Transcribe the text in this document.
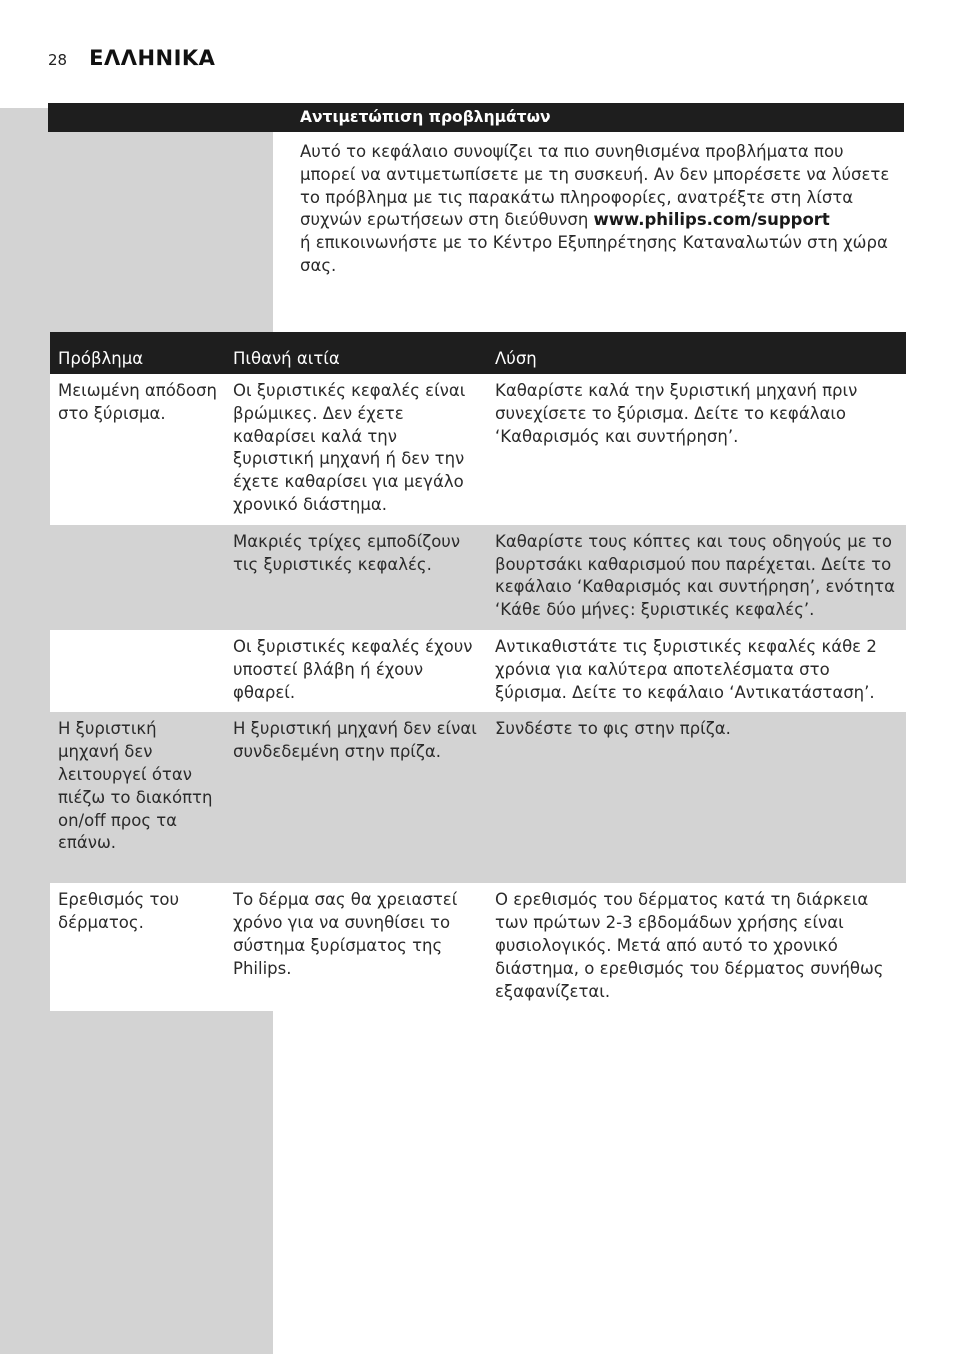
28 ΕΛΛΗΝΙΚΑ
Αντιμετώπιση προβλημάτων
Αυτό το κεφάλαιο συνοψίζει τα πιο συνηθισμένα προβλήματα που μπορεί να αντιμετωπίσετε με τη συσκευή. Αν δεν μπορέσετε να λύσετε το πρόβλημα με τις παρακάτω πληροφορίες, ανατρέξτε στη λίστα συχνών ερωτήσεων στη διεύθυνση www.philips.com/support
ή επικοινωνήστε με το Κέντρο Εξυπηρέτησης Καταναλωτών στη χώρα σας.
Πρόβλημα	Πιθανή αιτία	Λύση
Μειωμένη απόδοση στο ξύρισμα.	Οι ξυριστικές κεφαλές είναι βρώμικες. Δεν έχετε καθαρίσει καλά την ξυριστική μηχανή ή δεν την έχετε καθαρίσει για μεγάλο χρονικό διάστημα.	Καθαρίστε καλά την ξυριστική μηχανή πριν συνεχίσετε το ξύρισμα. Δείτε το κεφάλαιο ‘Καθαρισμός και συντήρηση’.
	Μακριές τρίχες εμποδίζουν τις ξυριστικές κεφαλές.	Καθαρίστε τους κόπτες και τους οδηγούς με το βουρτσάκι καθαρισμού που παρέχεται. Δείτε το κεφάλαιο ‘Καθαρισμός και συντήρηση’, ενότητα ‘Κάθε δύο μήνες: ξυριστικές κεφαλές’.
	Οι ξυριστικές κεφαλές έχουν υποστεί βλάβη ή έχουν φθαρεί.	Αντικαθιστάτε τις ξυριστικές κεφαλές κάθε 2 χρόνια για καλύτερα αποτελέσματα στο ξύρισμα. Δείτε το κεφάλαιο ‘Αντικατάσταση’.
Η ξυριστική μηχανή δεν λειτουργεί όταν πιέζω το διακόπτη on/off προς τα επάνω.	Η ξυριστική μηχανή δεν είναι συνδεδεμένη στην πρίζα.	Συνδέστε το φις στην πρίζα.
Ερεθισμός του δέρματος.	Το δέρμα σας θα χρειαστεί χρόνο για να συνηθίσει το σύστημα ξυρίσματος της Philips.	Ο ερεθισμός του δέρματος κατά τη διάρκεια των πρώτων 2-3 εβδομάδων χρήσης είναι φυσιολογικός. Μετά από αυτό το χρονικό διάστημα, ο ερεθισμός του δέρματος συνήθως εξαφανίζεται.
